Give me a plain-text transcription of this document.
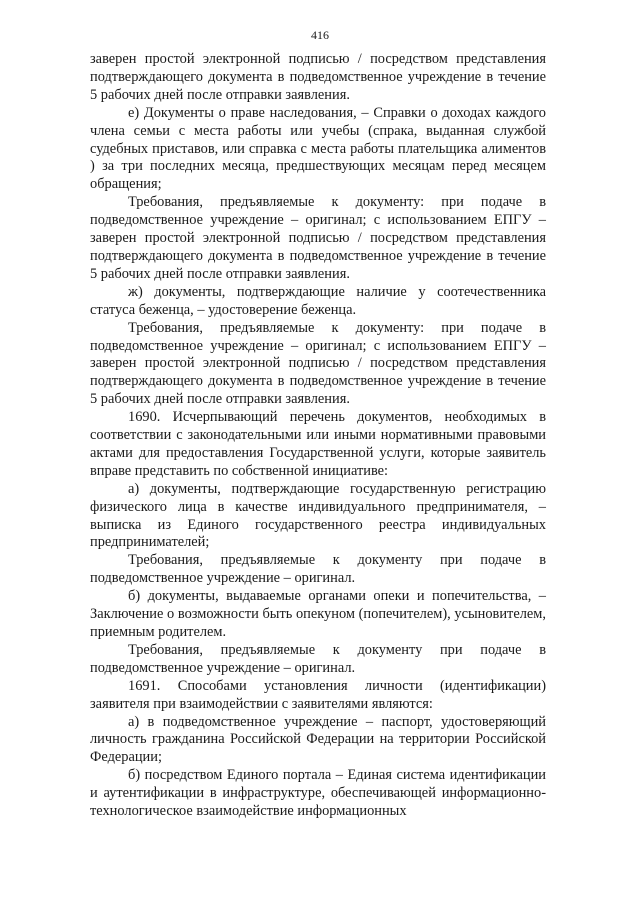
416

заверен простой электронной подписью / посредством представления подтверждающего документа в подведомственное учреждение в течение 5 рабочих дней после отправки заявления.

е) Документы о праве наследования, – Справки о доходах каждого члена семьи с места работы или учебы (спрака, выданная службой судебных приставов, или справка с места работы плательщика алиментов ) за три последних месяца, предшествующих месяцам перед месяцем обращения;

Требования, предъявляемые к документу: при подаче в подведомственное учреждение – оригинал; с использованием ЕПГУ – заверен простой электронной подписью / посредством представления подтверждающего документа в подведомственное учреждение в течение 5 рабочих дней после отправки заявления.

ж) документы, подтверждающие наличие у соотечественника статуса беженца, – удостоверение беженца.

Требования, предъявляемые к документу: при подаче в подведомственное учреждение – оригинал; с использованием ЕПГУ – заверен простой электронной подписью / посредством представления подтверждающего документа в подведомственное учреждение в течение 5 рабочих дней после отправки заявления.

1690. Исчерпывающий перечень документов, необходимых в соответствии с законодательными или иными нормативными правовыми актами для предоставления Государственной услуги, которые заявитель вправе представить по собственной инициативе:

а) документы, подтверждающие государственную регистрацию физического лица в качестве индивидуального предпринимателя, – выписка из Единого государственного реестра индивидуальных предпринимателей;

Требования, предъявляемые к документу при подаче в подведомственное учреждение – оригинал.

б) документы, выдаваемые органами опеки и попечительства, – Заключение о возможности быть опекуном (попечителем), усыновителем, приемным родителем.

Требования, предъявляемые к документу при подаче в подведомственное учреждение – оригинал.

1691. Способами установления личности (идентификации) заявителя при взаимодействии с заявителями являются:

а) в подведомственное учреждение – паспорт, удостоверяющий личность гражданина Российской Федерации на территории Российской Федерации;

б) посредством Единого портала – Единая система идентификации и аутентификации в инфраструктуре, обеспечивающей информационно-технологическое взаимодействие информационных
